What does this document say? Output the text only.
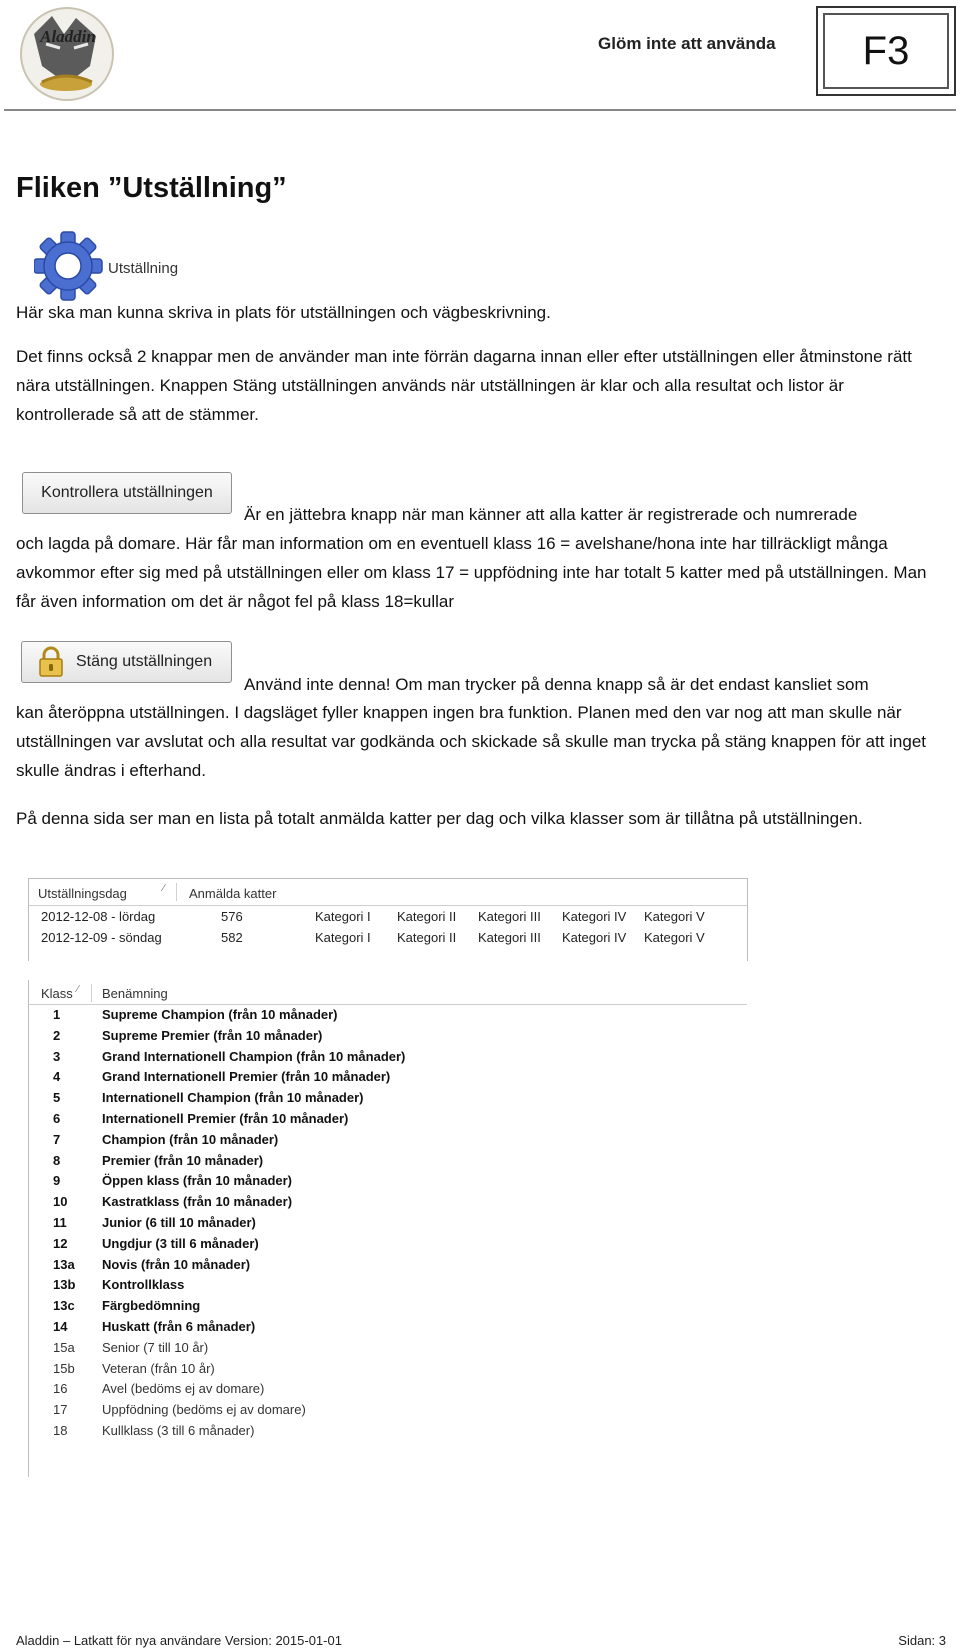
Aladdin	Glöm inte att använda F3
Fliken ”Utställning”
Utställning

Här ska man kunna skriva in plats för utställningen och vägbeskrivning.

Det finns också 2 knappar men de använder man inte förrän dagarna innan eller efter utställningen eller åtminstone rätt nära utställningen. Knappen Stäng utställningen används när utställningen är klar och alla resultat och listor är kontrollerade så att de stämmer.

Kontrollera utställningen
Är en jättebra knapp när man känner att alla katter är registrerade och numrerade

och lagda på domare. Här får man information om en eventuell klass 16 = avelshane/hona inte har tillräckligt många avkommor efter sig med på utställningen eller om klass 17 = uppfödning inte har totalt 5 katter med på utställningen. Man får även information om det är något fel på klass 18=kullar

Stäng utställningen
Använd inte denna! Om man trycker på denna knapp så är det endast kansliet som

kan återöppna utställningen. I dagsläget fyller knappen ingen bra funktion. Planen med den var nog att man skulle när utställningen var avslutat och alla resultat var godkända och skickade så skulle man trycka på stäng knappen för att inget skulle ändras i efterhand.

På denna sida ser man en lista på totalt anmälda katter per dag och vilka klasser som är tillåtna på utställningen.

Utställningsdag	⁄ Anmälda katter
2012-12-08 - lördag	576	Kategori I Kategori II Kategori III Kategori IV Kategori V
2012-12-09 - söndag	582	Kategori I Kategori II Kategori III Kategori IV Kategori V
Klass ⁄ Benämning
1	Supreme Champion (från 10 månader)
2	Supreme Premier (från 10 månader)
3	Grand Internationell Champion (från 10 månader)
4	Grand Internationell Premier (från 10 månader)
5	Internationell Champion (från 10 månader)
6	Internationell Premier (från 10 månader)
7	Champion (från 10 månader)
8	Premier (från 10 månader)
9	Öppen klass (från 10 månader)
10	Kastratklass (från 10 månader)
11	Junior (6 till 10 månader)
12	Ungdjur (3 till 6 månader)
13a	Novis (från 10 månader)
13b	Kontrollklass
13c	Färgbedömning
14	Huskatt (från 6 månader)
15a	Senior (7 till 10 år)
15b	Veteran (från 10 år)
16	Avel (bedöms ej av domare)
17	Uppfödning (bedöms ej av domare)
18	Kullklass (3 till 6 månader)
Aladdin – Latkatt för nya användare Version: 2015-01-01	Sidan: 3
